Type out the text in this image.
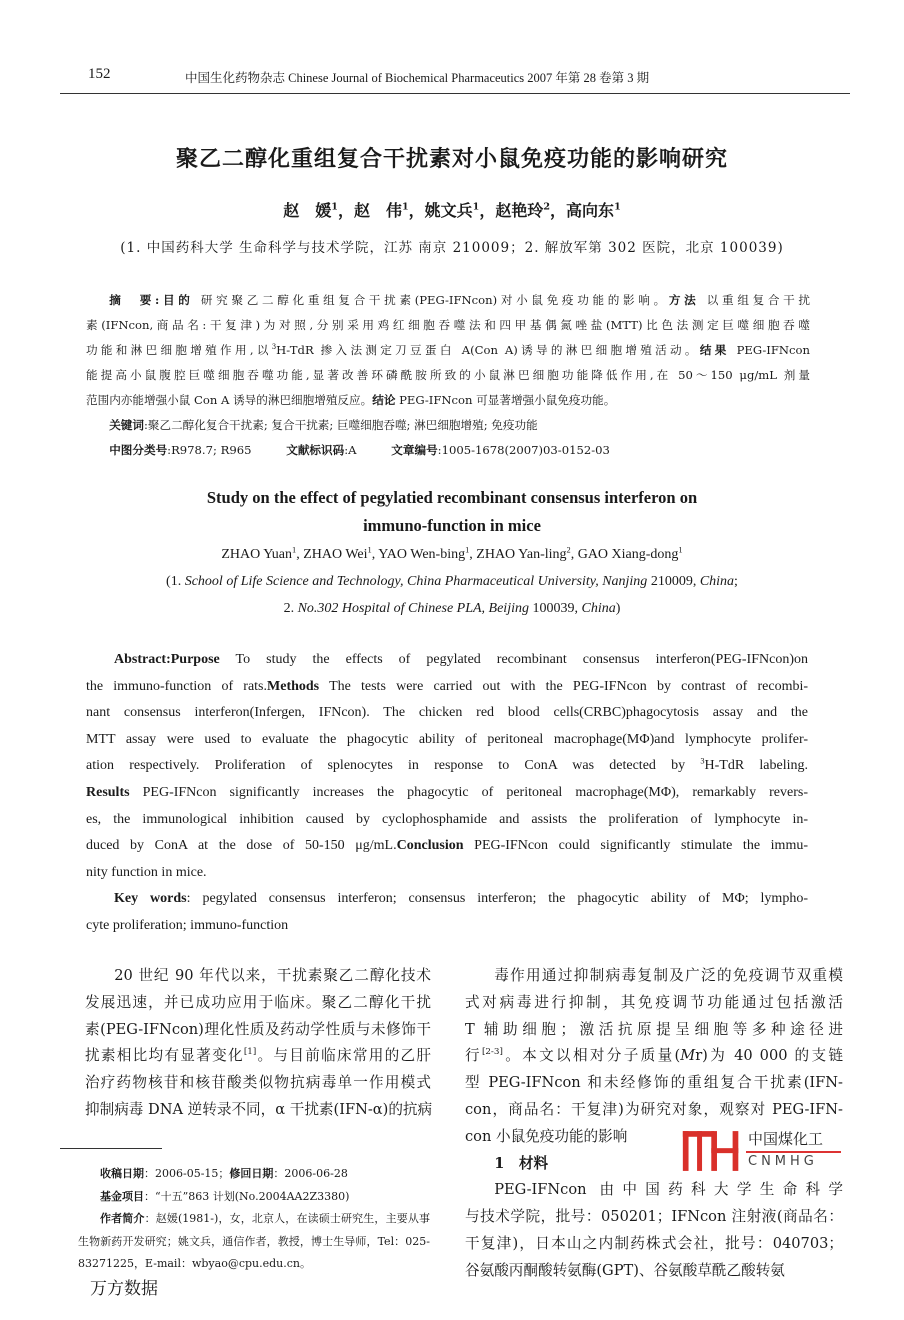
152	中国生化药物杂志 Chinese Journal of Biochemical Pharmaceutics 2007 年第 28 卷第 3 期
聚乙二醇化重组复合干扰素对小鼠免疫功能的影响研究
赵　媛$^1$，赵　伟$^1$，姚文兵$^1$，赵艳玲$^2$，高向东$^1$
(1. 中国药科大学 生命科学与技术学院，江苏 南京 210009；2. 解放军第 302 医院，北京 100039)
摘　要:目的 研究聚乙二醇化重组复合干扰素(PEG-IFNcon)对小鼠免疫功能的影响。方法 以重组复合干扰
素(IFNcon,商品名:干复津)为对照,分别采用鸡红细胞吞噬法和四甲基偶氮唑盐(MTT)比色法测定巨噬细胞吞噬
功能和淋巴细胞增殖作用,以$^3$H-TdR 掺入法测定刀豆蛋白 A(Con A)诱导的淋巴细胞增殖活动。结果 PEG-IFNcon
能提高小鼠腹腔巨噬细胞吞噬功能,显著改善环磷酰胺所致的小鼠淋巴细胞功能降低作用,在 50～150 μg/mL 剂量
范围内亦能增强小鼠 Con A 诱导的淋巴细胞增殖反应。结论 PEG-IFNcon 可显著增强小鼠免疫功能。
关键词:聚乙二醇化复合干扰素; 复合干扰素; 巨噬细胞吞噬; 淋巴细胞增殖; 免疫功能
中图分类号:R978.7; R965　　　文献标识码:A　　　文章编号:1005-1678(2007)03-0152-03
Study on the effect of pegylatied recombinant consensus interferon on
immuno-function in mice
ZHAO Yuan$^1$, ZHAO Wei$^1$, YAO Wen-bing$^1$, ZHAO Yan-ling$^2$, GAO Xiang-dong$^1$
(1. School of Life Science and Technology, China Pharmaceutical University, Nanjing 210009, China;
2. No.302 Hospital of Chinese PLA, Beijing 100039, China)
Abstract:Purpose To study the effects of pegylated recombinant consensus interferon(PEG-IFNcon)on
the immuno-function of rats.Methods The tests were carried out with the PEG-IFNcon by contrast of recombi-
nant consensus interferon(Infergen, IFNcon). The chicken red blood cells(CRBC)phagocytosis assay and the
MTT assay were used to evaluate the phagocytic ability of peritoneal macrophage(MΦ)and lymphocyte prolifer-
ation respectively. Proliferation of splenocytes in response to ConA was detected by $^3$H-TdR labeling.
Results PEG-IFNcon significantly increases the phagocytic of peritoneal macrophage(MΦ), remarkably revers-
es, the immunological inhibition caused by cyclophosphamide and assists the proliferation of lymphocyte in-
duced by ConA at the dose of 50-150 μg/mL.Conclusion PEG-IFNcon could significantly stimulate the immu-
nity function in mice.
Key words: pegylated consensus interferon; consensus interferon; the phagocytic ability of MΦ; lympho-
cyte proliferation; immuno-function
20 世纪 90 年代以来，干扰素聚乙二醇化技术
发展迅速，并已成功应用于临床。聚乙二醇化干扰
素(PEG-IFNcon)理化性质及药动学性质与未修饰干
扰素相比均有显著变化[1]。与目前临床常用的乙肝
治疗药物核苷和核苷酸类似物抗病毒单一作用模式
抑制病毒 DNA 逆转录不同，α 干扰素(IFN-α)的抗病
毒作用通过抑制病毒复制及广泛的免疫调节双重模
式对病毒进行抑制，其免疫调节功能通过包括激活
T 辅助细胞；激活抗原提呈细胞等多种途径进
行[2-3]。本文以相对分子质量(Mr)为 40 000 的支链
型 PEG-IFNcon 和未经修饰的重组复合干扰素(IFN-
con，商品名：干复津)为研究对象，观察对 PEG-IFN-
con 小鼠免疫功能的影响
1　材料
PEG-IFNcon 由中国药科大学生命科学
与技术学院，批号：050201；IFNcon 注射液(商品名：
干复津)，日本山之内制药株式会社，批号：040703；
谷氨酸丙酮酸转氨酶(GPT)、谷氨酸草酰乙酸转氨
收稿日期：2006-05-15；修回日期：2006-06-28
基金项目：“十五”863 计划(No.2004AA2Z3380)
作者简介：赵媛(1981-)，女，北京人，在读硕士研究生，主要从事
生物新药开发研究；姚文兵，通信作者，教授，博士生导师，Tel：025-
83271225，E-mail：wbyao@cpu.edu.cn。
万方数据
中国煤化工
CNMHG
